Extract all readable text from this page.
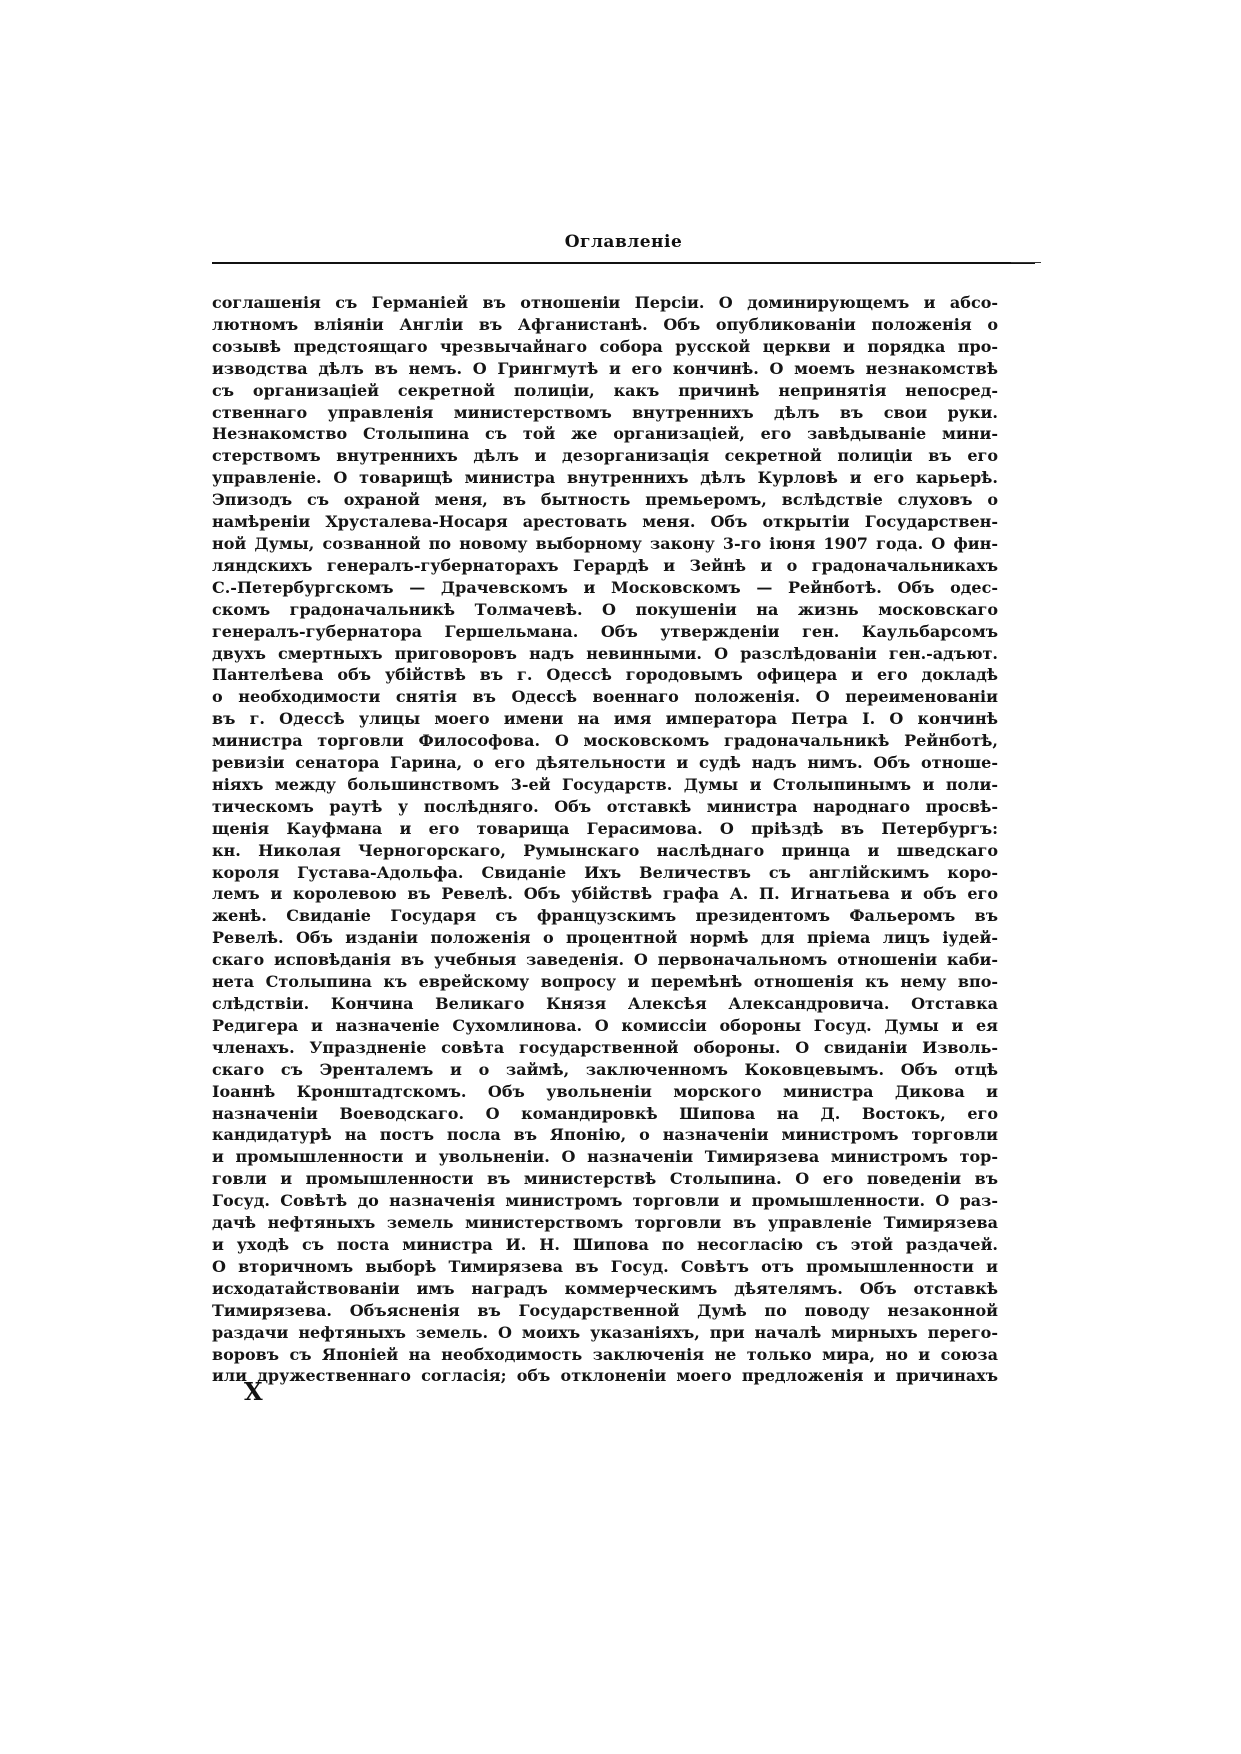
Оглавленіе
соглашенія съ Германіей въ отношеніи Персіи. О доминирующемъ и абсо-
лютномъ вліяніи Англіи въ Афганистанѣ. Объ опубликованіи положенія о
созывѣ предстоящаго чрезвычайнаго собора русской церкви и порядка про-
изводства дѣлъ въ немъ. О Грингмутѣ и его кончинѣ. О моемъ незнакомствѣ
съ организаціей секретной полиціи, какъ причинѣ непринятія непосред-
ственнаго управленія министерствомъ внутреннихъ дѣлъ въ свои руки.
Незнакомство Столыпина съ той же организаціей, его завѣдываніе мини-
стерствомъ внутреннихъ дѣлъ и дезорганизація секретной полиціи въ его
управленіе. О товарищѣ министра внутреннихъ дѣлъ Курловѣ и его карьерѣ.
Эпизодъ съ охраной меня, въ бытность премьеромъ, вслѣдствіе слуховъ о
намѣреніи Хрусталева-Носаря арестовать меня. Объ открытіи Государствен-
ной Думы, созванной по новому выборному закону 3-го іюня 1907 года. О фин-
ляндскихъ генералъ-губернаторахъ Герардѣ и Зейнѣ и о градоначальникахъ
С.-Петербургскомъ — Драчевскомъ и Московскомъ — Рейнботѣ. Объ одес-
скомъ градоначальникѣ Толмачевѣ. О покушеніи на жизнь московскаго
генералъ-губернатора Гершельмана. Объ утвержденіи ген. Каульбарсомъ
двухъ смертныхъ приговоровъ надъ невинными. О разслѣдованіи ген.-адъют.
Пантелѣева объ убійствѣ въ г. Одессѣ городовымъ офицера и его докладѣ
о необходимости снятія въ Одессѣ военнаго положенія. О переименованіи
въ г. Одессѣ улицы моего имени на имя императора Петра I. О кончинѣ
министра торговли Философова. О московскомъ градоначальникѣ Рейнботѣ,
ревизіи сенатора Гарина, о его дѣятельности и судѣ надъ нимъ. Объ отноше-
ніяхъ между большинствомъ 3-ей Государств. Думы и Столыпинымъ и поли-
тическомъ раутѣ у послѣдняго. Объ отставкѣ министра народнаго просвѣ-
щенія Кауфмана и его товарища Герасимова. О пріѣздѣ въ Петербургъ:
кн. Николая Черногорскаго, Румынскаго наслѣднаго принца и шведскаго
короля Густава-Адольфа. Свиданіе Ихъ Величествъ съ англійскимъ коро-
лемъ и королевою въ Ревелѣ. Объ убійствѣ графа А. П. Игнатьева и объ его
женѣ. Свиданіе Государя съ французскимъ президентомъ Фальеромъ въ
Ревелѣ. Объ изданіи положенія о процентной нормѣ для пріема лицъ іудей-
скаго исповѣданія въ учебныя заведенія. О первоначальномъ отношеніи каби-
нета Столыпина къ еврейскому вопросу и перемѣнѣ отношенія къ нему впо-
слѣдствіи. Кончина Великаго Князя Алексѣя Александровича. Отставка
Редигера и назначеніе Сухомлинова. О комиссіи обороны Госуд. Думы и ея
членахъ. Упраздненіе совѣта государственной обороны. О свиданіи Изволь-
скаго съ Эренталемъ и о займѣ, заключенномъ Коковцевымъ. Объ отцѣ
Іоаннѣ Кронштадтскомъ. Объ увольненіи морского министра Дикова и
назначеніи Воеводскаго. О командировкѣ Шипова на Д. Востокъ, его
кандидатурѣ на постъ посла въ Японію, о назначеніи министромъ торговли
и промышленности и увольненіи. О назначеніи Тимирязева министромъ тор-
говли и промышленности въ министерствѣ Столыпина. О его поведеніи въ
Госуд. Совѣтѣ до назначенія министромъ торговли и промышленности. О раз-
дачѣ нефтяныхъ земель министерствомъ торговли въ управленіе Тимирязева
и уходѣ съ поста министра И. Н. Шипова по несогласію съ этой раздачей.
О вторичномъ выборѣ Тимирязева въ Госуд. Совѣтъ отъ промышленности и
исходатайствованіи имъ наградъ коммерческимъ дѣятелямъ. Объ отставкѣ
Тимирязева. Объясненія въ Государственной Думѣ по поводу незаконной
раздачи нефтяныхъ земель. О моихъ указаніяхъ, при началѣ мирныхъ перего-
воровъ съ Японіей на необходимость заключенія не только мира, но и союза
или дружественнаго согласія; объ отклоненіи моего предложенія и причинахъ
X
